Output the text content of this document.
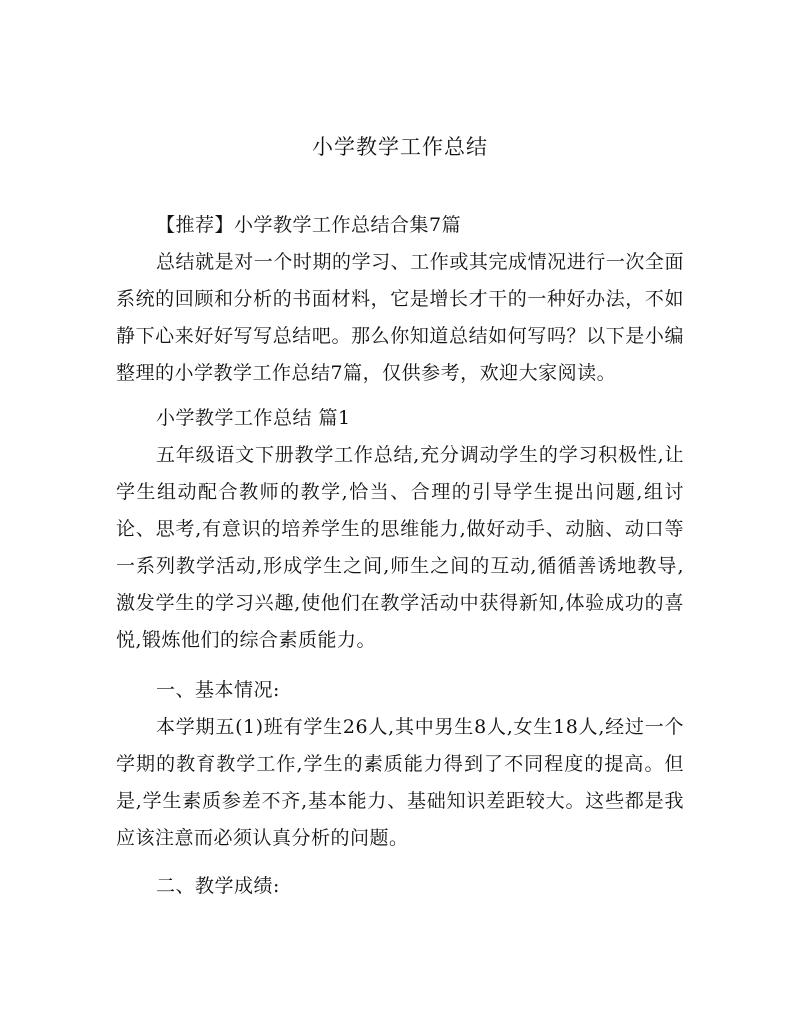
小学教学工作总结

【推荐】小学教学工作总结合集7篇

总结就是对一个时期的学习、工作或其完成情况进行一次全面系统的回顾和分析的书面材料，它是增长才干的一种好办法，不如静下心来好好写写总结吧。那么你知道总结如何写吗？以下是小编整理的小学教学工作总结7篇，仅供参考，欢迎大家阅读。

小学教学工作总结 篇1

五年级语文下册教学工作总结,充分调动学生的学习积极性,让学生组动配合教师的教学,恰当、合理的引导学生提出问题,组讨论、思考,有意识的培养学生的思维能力,做好动手、动脑、动口等一系列教学活动,形成学生之间,师生之间的互动,循循善诱地教导,激发学生的学习兴趣,使他们在教学活动中获得新知,体验成功的喜悦,锻炼他们的综合素质能力。

一、基本情况:

本学期五(1)班有学生26人,其中男生8人,女生18人,经过一个学期的教育教学工作,学生的素质能力得到了不同程度的提高。但是,学生素质参差不齐,基本能力、基础知识差距较大。这些都是我应该注意而必须认真分析的问题。

二、教学成绩:
